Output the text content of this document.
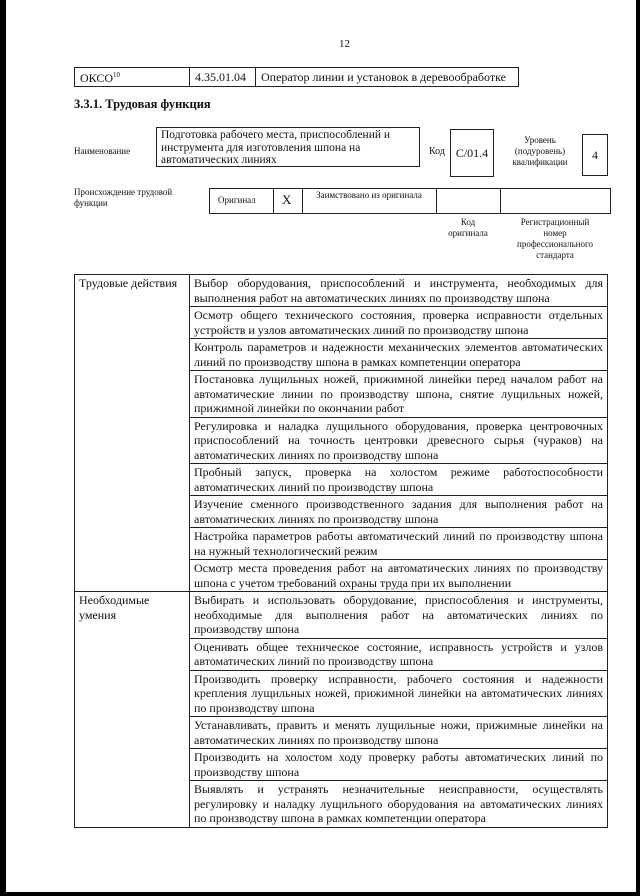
12
ОКСО$^{10}$	4.35.01.04	Оператор линии и установок в деревообработке
3.3.1. Трудовая функция
Наименование
Подготовка рабочего места, приспособлений и инструмента для изготовления шпона на автоматических линиях
Код C/01.4
Уровень (подуровень) квалификации
4
Происхождение трудовой функции	Оригинал X	Заимствовано из оригинала
Код оригинала
Регистрационный номер профессионального стандарта
Трудовые действия	Выбор оборудования, приспособлений и инструмента, необходимых для выполнения работ на автоматических линиях по производству шпона
	Осмотр общего технического состояния, проверка исправности отдельных устройств и узлов автоматических линий по производству шпона
	Контроль параметров и надежности механических элементов автоматических линий по производству шпона в рамках компетенции оператора
	Постановка лущильных ножей, прижимной линейки перед началом работ на автоматические линии по производству шпона, снятие лущильных ножей, прижимной линейки по окончании работ
	Регулировка и наладка лущильного оборудования, проверка центровочных приспособлений на точность центровки древесного сырья (чураков) на автоматических линиях по производству шпона
	Пробный запуск, проверка на холостом режиме работоспособности автоматических линий по производству шпона
	Изучение сменного производственного задания для выполнения работ на автоматических линиях по производству шпона
	Настройка параметров работы автоматический линий по производству шпона на нужный технологический режим
	Осмотр места проведения работ на автоматических линиях по производству шпона с учетом требований охраны труда при их выполнении
Необходимые умения	Выбирать и использовать оборудование, приспособления и инструменты, необходимые для выполнения работ на автоматических линиях по производству шпона
	Оценивать общее техническое состояние, исправность устройств и узлов автоматических линий по производству шпона
	Производить проверку исправности, рабочего состояния и надежности крепления лущильных ножей, прижимной линейки на автоматических линиях по производству шпона
	Устанавливать, править и менять лущильные ножи, прижимные линейки на автоматических линиях по производству шпона
	Производить на холостом ходу проверку работы автоматических линий по производству шпона
	Выявлять и устранять незначительные неисправности, осуществлять регулировку и наладку лущильного оборудования на автоматических линиях по производству шпона в рамках компетенции оператора
